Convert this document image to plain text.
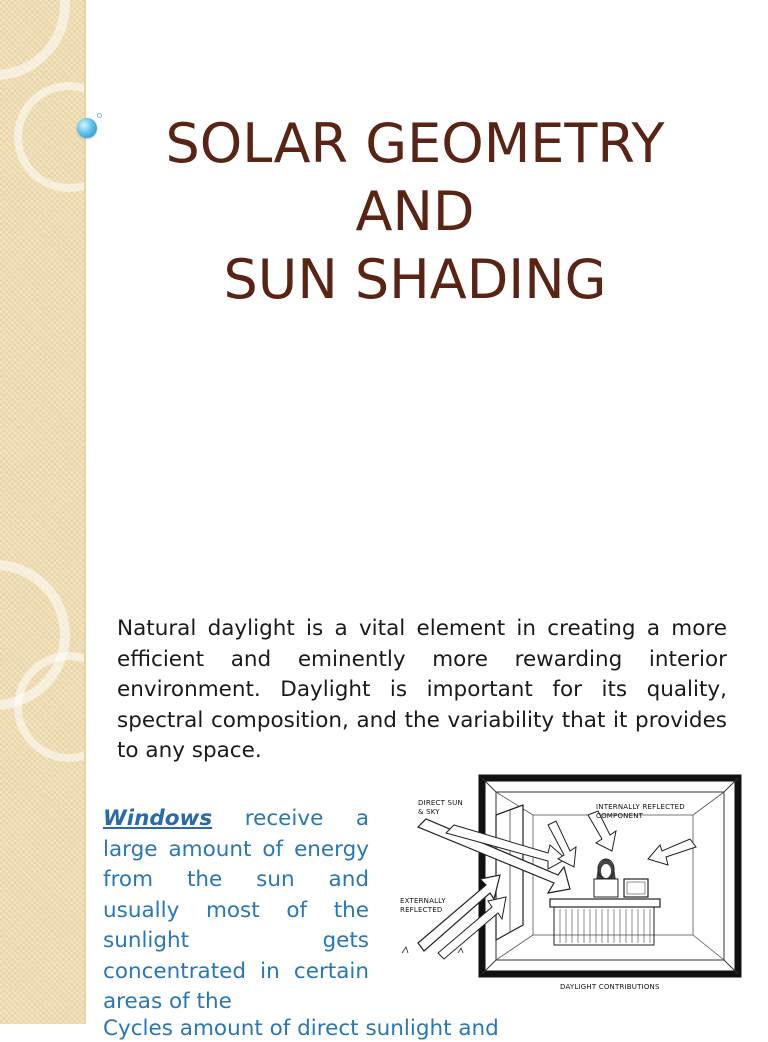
SOLAR GEOMETRY
AND
SUN SHADING

Natural daylight is a vital element in creating a more efficient and eminently more rewarding interior environment. Daylight is important for its quality, spectral composition, and the variability that it provides to any space.

Windows receive a large amount of energy from the sun and usually most of the sunlight gets concentrated in certain areas of the

DIRECT SUN & SKY
INTERNALLY REFLECTED COMPONENT
EXTERNALLY REFLECTED
DAYLIGHT CONTRIBUTIONS
Cycles amount of direct sunlight and
